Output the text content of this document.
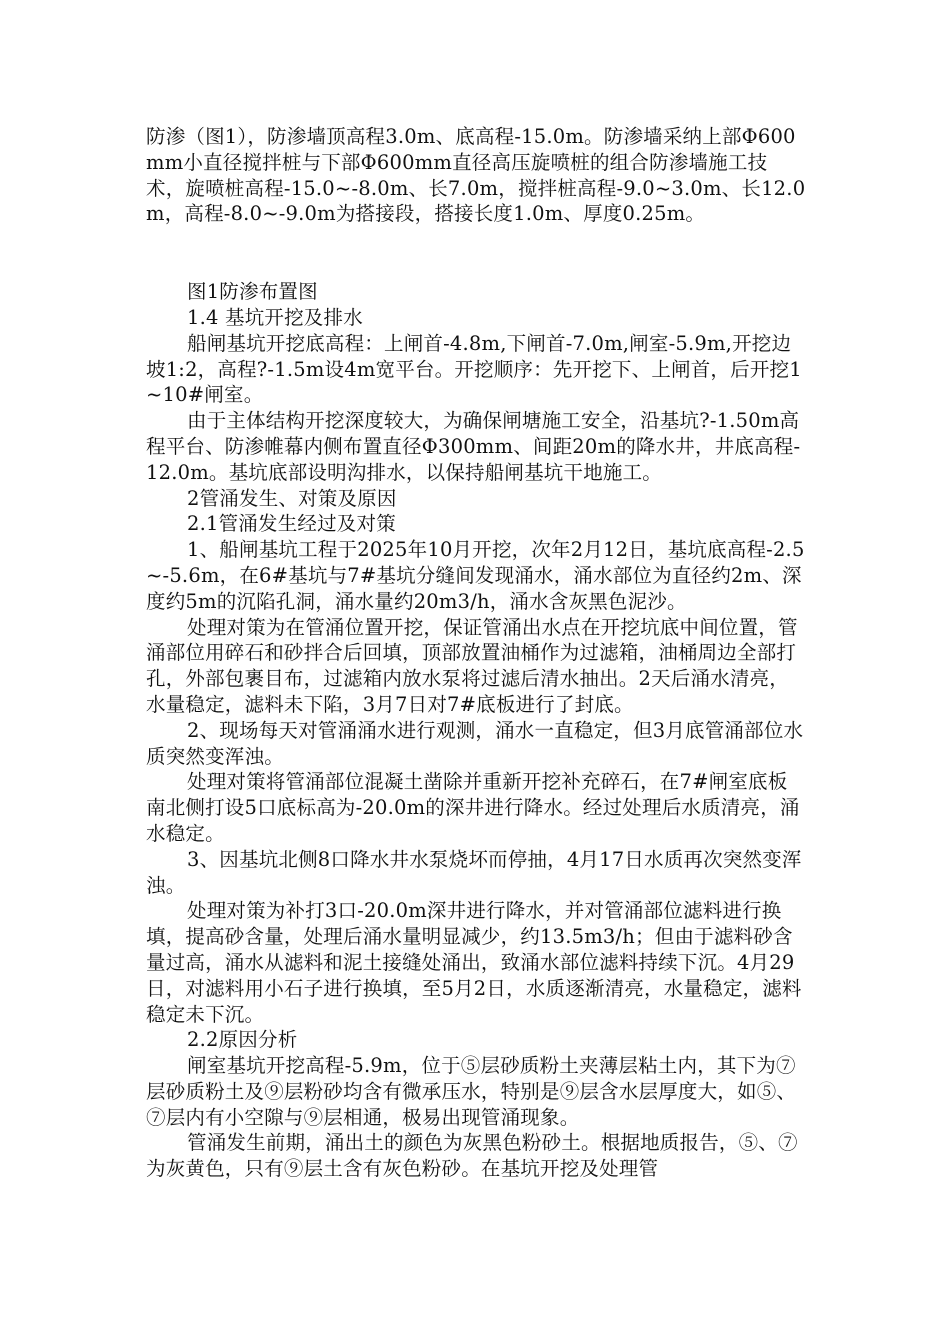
防渗（图1），防渗墙顶高程3.0m、底高程-15.0m。防渗墙采纳上部Φ600mm小直径搅拌桩与下部Φ600mm直径高压旋喷桩的组合防渗墙施工技术，旋喷桩高程-15.0~-8.0m、长7.0m，搅拌桩高程-9.0~3.0m、长12.0m，高程-8.0~-9.0m为搭接段，搭接长度1.0m、厚度0.25m。

图1防渗布置图

1.4 基坑开挖及排水

船闸基坑开挖底高程：上闸首-4.8m,下闸首-7.0m,闸室-5.9m,开挖边坡1:2，高程?-1.5m设4m宽平台。开挖顺序：先开挖下、上闸首，后开挖1~10#闸室。

由于主体结构开挖深度较大，为确保闸塘施工安全，沿基坑?-1.50m高程平台、防渗帷幕内侧布置直径Φ300mm、间距20m的降水井，井底高程-12.0m。基坑底部设明沟排水，以保持船闸基坑干地施工。

2管涌发生、对策及原因

2.1管涌发生经过及对策

1、船闸基坑工程于2025年10月开挖，次年2月12日，基坑底高程-2.5~-5.6m，在6#基坑与7#基坑分缝间发现涌水，涌水部位为直径约2m、深度约5m的沉陷孔洞，涌水量约20m3/h，涌水含灰黑色泥沙。

处理对策为在管涌位置开挖，保证管涌出水点在开挖坑底中间位置，管涌部位用碎石和砂拌合后回填，顶部放置油桶作为过滤箱，油桶周边全部打孔，外部包裹目布，过滤箱内放水泵将过滤后清水抽出。2天后涌水清亮，水量稳定，滤料未下陷，3月7日对7#底板进行了封底。

2、现场每天对管涌涌水进行观测，涌水一直稳定，但3月底管涌部位水质突然变浑浊。

处理对策将管涌部位混凝土凿除并重新开挖补充碎石，在7#闸室底板南北侧打设5口底标高为-20.0m的深井进行降水。经过处理后水质清亮，涌水稳定。

3、因基坑北侧8口降水井水泵烧坏而停抽，4月17日水质再次突然变浑浊。

处理对策为补打3口-20.0m深井进行降水，并对管涌部位滤料进行换填，提高砂含量，处理后涌水量明显减少，约13.5m3/h；但由于滤料砂含量过高，涌水从滤料和泥土接缝处涌出，致涌水部位滤料持续下沉。4月29日，对滤料用小石子进行换填，至5月2日，水质逐渐清亮，水量稳定，滤料稳定未下沉。

2.2原因分析

闸室基坑开挖高程-5.9m，位于⑤层砂质粉土夹薄层粘土内，其下为⑦层砂质粉土及⑨层粉砂均含有微承压水，特别是⑨层含水层厚度大，如⑤、⑦层内有小空隙与⑨层相通，极易出现管涌现象。

管涌发生前期，涌出土的颜色为灰黑色粉砂土。根据地质报告，⑤、⑦为灰黄色，只有⑨层土含有灰色粉砂。在基坑开挖及处理管
